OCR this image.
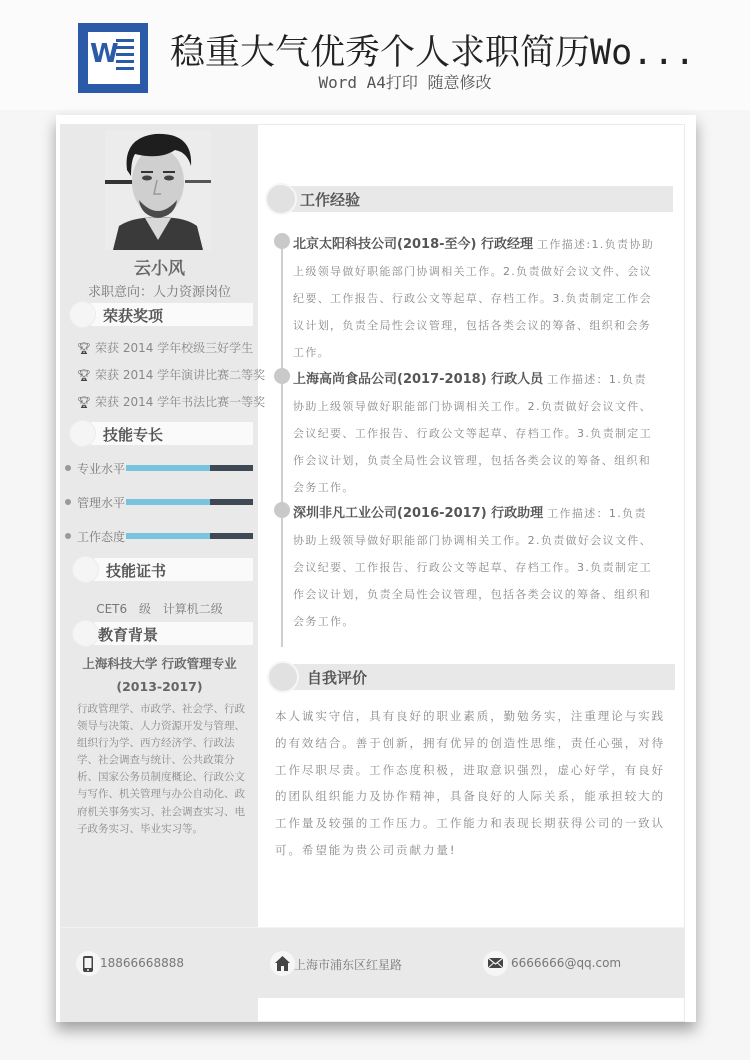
W 稳重大气优秀个人求职简历Wo...
Word A4打印 随意修改
云小风
求职意向：人力资源岗位
荣获奖项
🏆︎ 荣获 2014 学年校级三好学生
🏆︎ 荣获 2014 学年演讲比赛二等奖
🏆︎ 荣获 2014 学年书法比赛一等奖
技能专长
专业水平
管理水平
工作态度
技能证书
CET6 级 计算机二级
教育背景
上海科技大学 行政管理专业
(2013-2017)
行政管理学、市政学、社会学、行政领导与决策、人力资源开发与管理、组织行为学、西方经济学、行政法学、社会调查与统计、公共政策分析、国家公务员制度概论、行政公文与写作、机关管理与办公自动化、政府机关事务实习、社会调查实习、电子政务实习、毕业实习等。
工作经验
北京太阳科技公司(2018-至今) 行政经理 工作描述:1.负责协助上级领导做好职能部门协调相关工作。2.负责做好会议文件、会议纪要、工作报告、行政公文等起草、存档工作。3.负责制定工作会议计划，负责全局性会议管理，包括各类会议的筹备、组织和会务工作。
上海高尚食品公司(2017-2018) 行政人员 工作描述：1.负责协助上级领导做好职能部门协调相关工作。2.负责做好会议文件、会议纪要、工作报告、行政公文等起草、存档工作。3.负责制定工作会议计划，负责全局性会议管理，包括各类会议的筹备、组织和会务工作。
深圳非凡工业公司(2016-2017) 行政助理 工作描述：1.负责协助上级领导做好职能部门协调相关工作。2.负责做好会议文件、会议纪要、工作报告、行政公文等起草、存档工作。3.负责制定工作会议计划，负责全局性会议管理，包括各类会议的筹备、组织和会务工作。
自我评价
本人诚实守信，具有良好的职业素质，勤勉务实，注重理论与实践的有效结合。善于创新，拥有优异的创造性思维，责任心强，对待工作尽职尽责。工作态度积极，进取意识强烈，虚心好学，有良好的团队组织能力及协作精神，具备良好的人际关系，能承担较大的工作量及较强的工作压力。工作能力和表现长期获得公司的一致认可。希望能为贵公司贡献力量!
18866668888	上海市浦东区红星路	6666666@qq.com
